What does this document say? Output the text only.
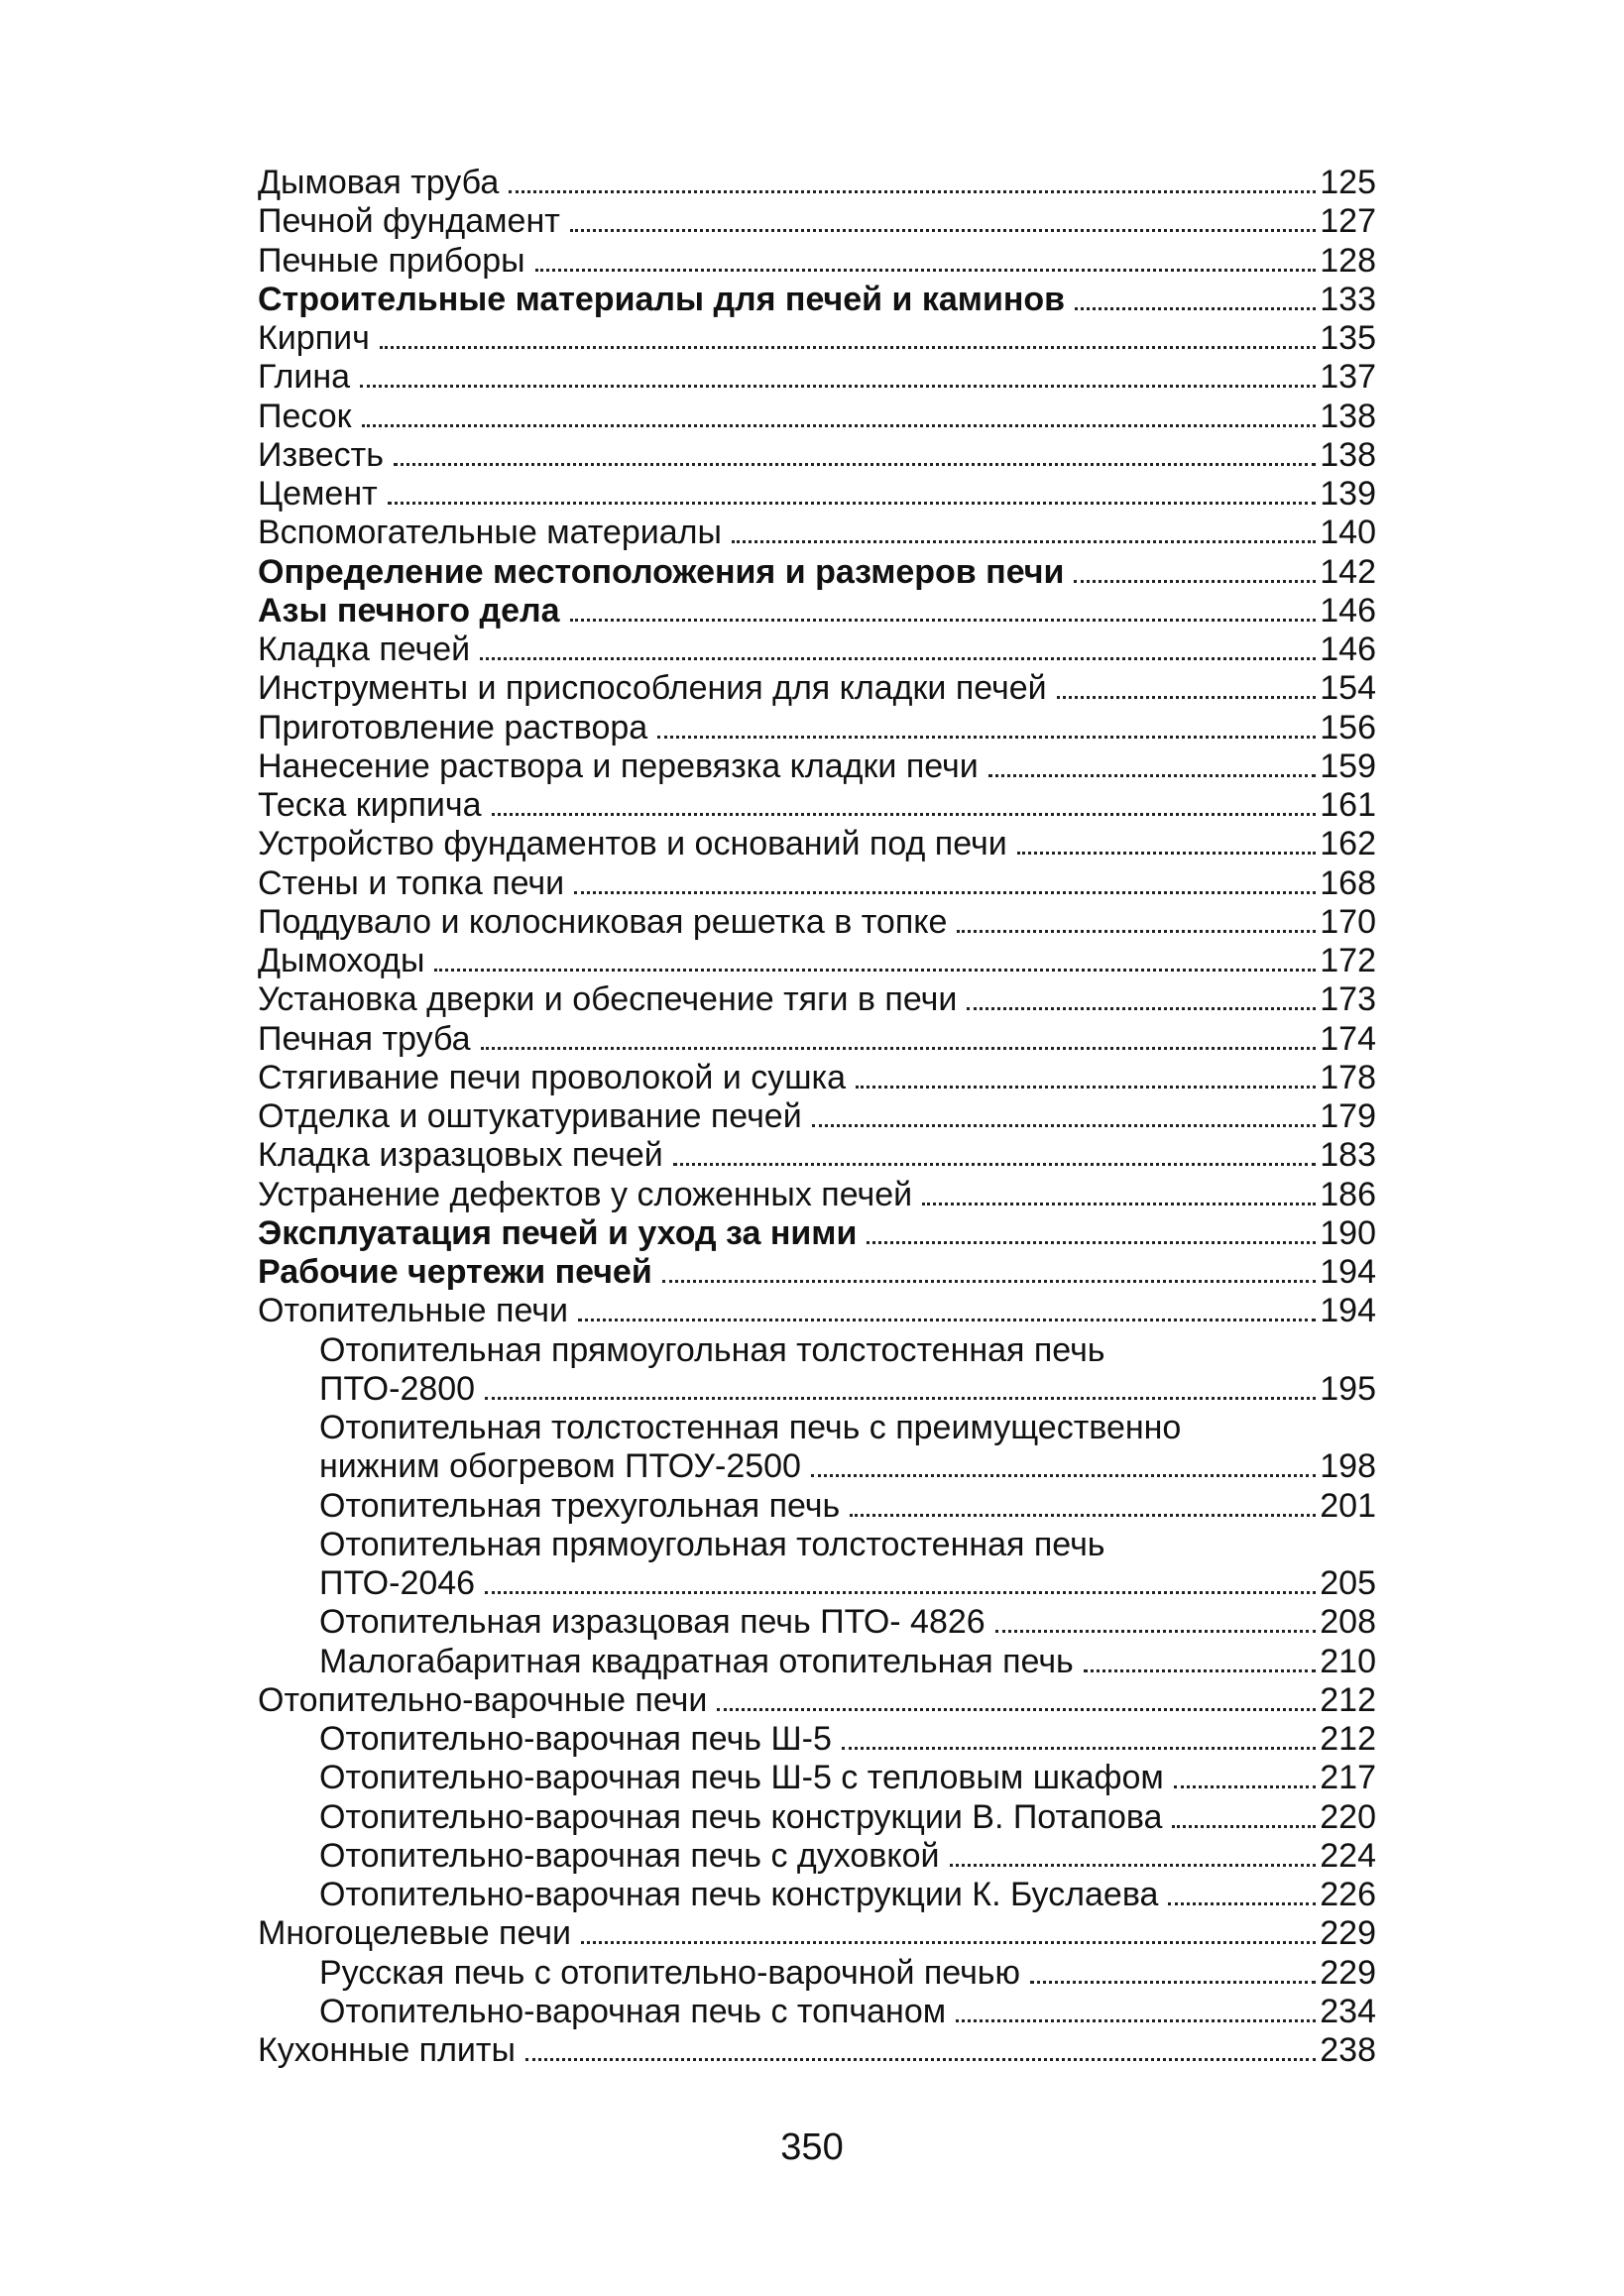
Дымовая труба	125
Печной фундамент	127
Печные приборы	128
Строительные материалы для печей и каминов	133
Кирпич	135
Глина	137
Песок	138
Известь	138
Цемент	139
Вспомогательные материалы	140
Определение местоположения и размеров печи	142
Азы печного дела	146
Кладка печей	146
Инструменты и приспособления для кладки печей	154
Приготовление раствора	156
Нанесение раствора и перевязка кладки печи	159
Теска кирпича	161
Устройство фундаментов и оснований под печи	162
Стены и топка печи	168
Поддувало и колосниковая решетка в топке	170
Дымоходы	172
Установка дверки и обеспечение тяги в печи	173
Печная труба	174
Стягивание печи проволокой и сушка	178
Отделка и оштукатуривание печей	179
Кладка изразцовых печей	183
Устранение дефектов у сложенных печей	186
Эксплуатация печей и уход за ними	190
Рабочие чертежи печей	194
Отопительные печи	194
Отопительная прямоугольная толстостенная печь
ПТО-2800	195
Отопительная толстостенная печь с преимущественно
нижним обогревом ПТОУ-2500	198
Отопительная трехугольная печь	201
Отопительная прямоугольная толстостенная печь
ПТО-2046	205
Отопительная изразцовая печь ПТО- 4826	208
Малогабаритная квадратная отопительная печь	210
Отопительно-варочные печи	212
Отопительно-варочная печь Ш-5	212
Отопительно-варочная печь Ш-5 с тепловым шкафом	217
Отопительно-варочная печь конструкции В. Потапова	220
Отопительно-варочная печь с духовкой	224
Отопительно-варочная печь конструкции К. Буслаева	226
Многоцелевые печи	229
Русская печь с отопительно-варочной печью	229
Отопительно-варочная печь с топчаном	234
Кухонные плиты	238
350
